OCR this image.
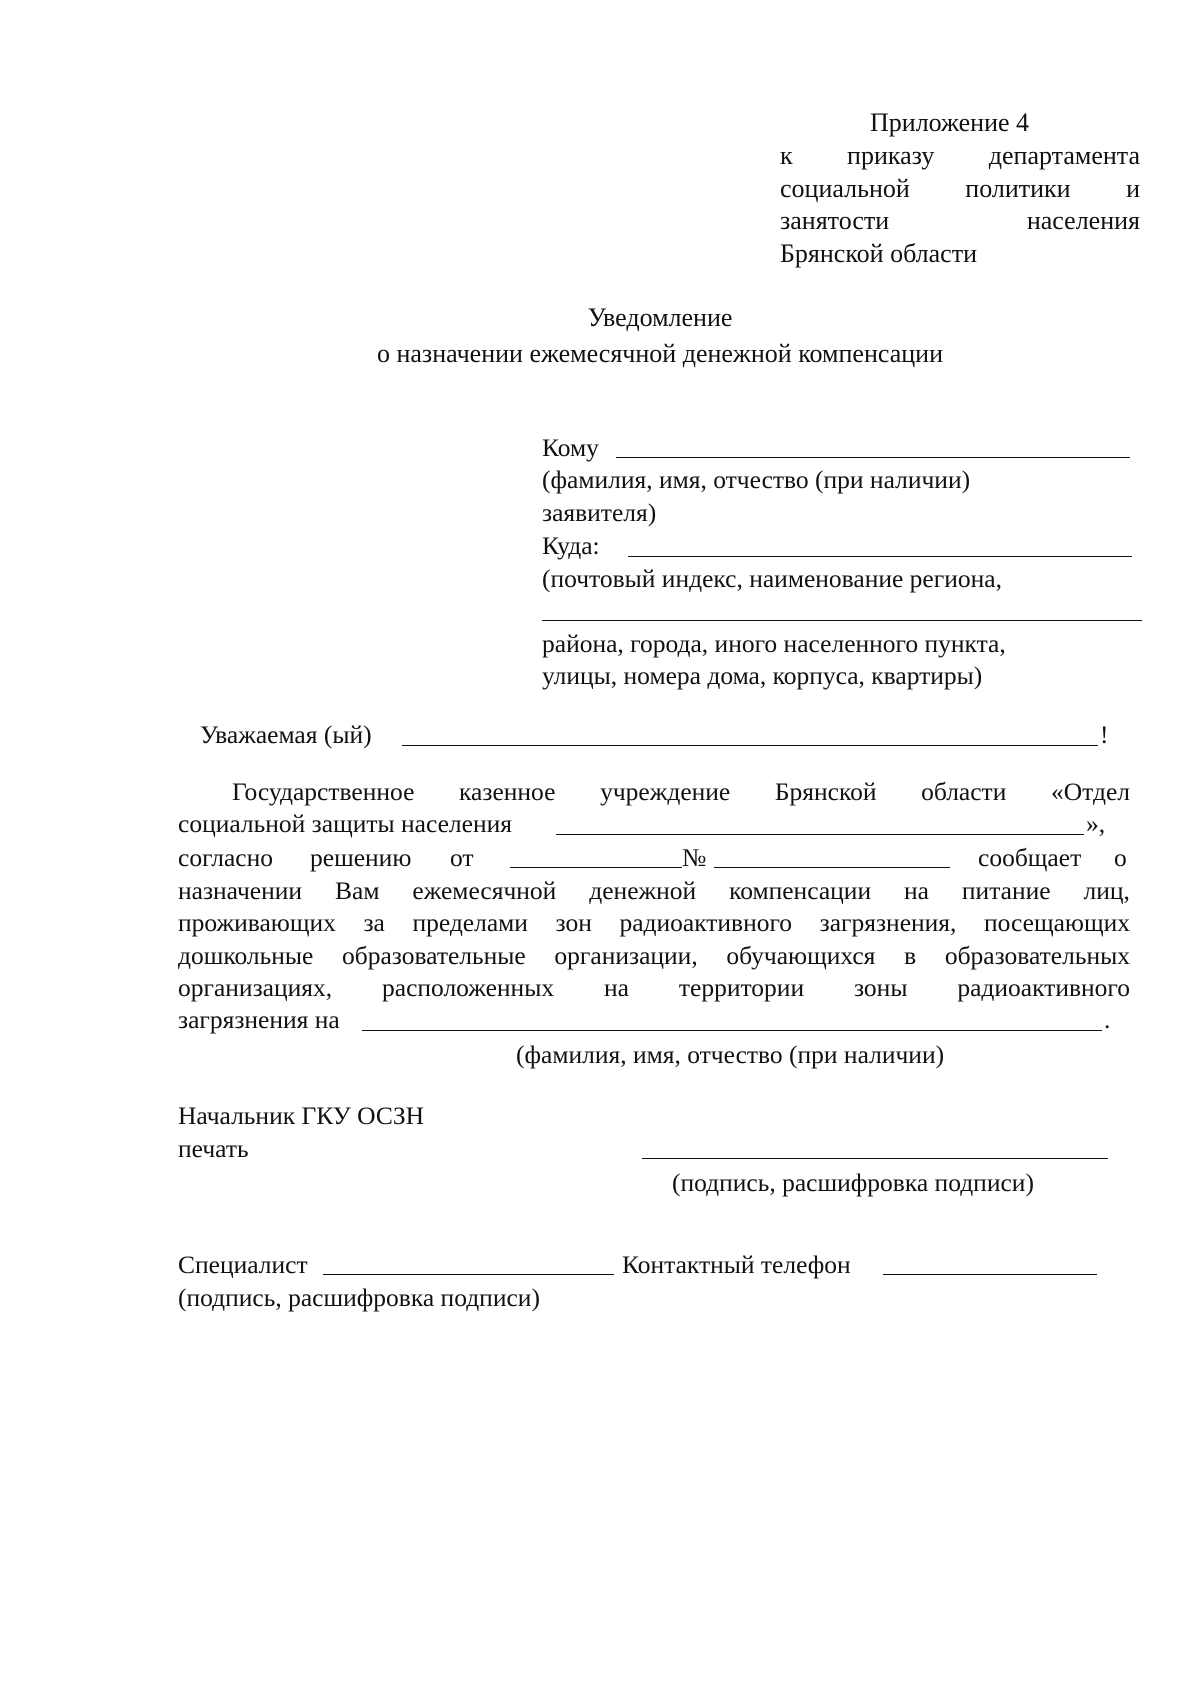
Приложение 4
к приказу департамента
социальной политики и
занятости	населения
Брянской области
Уведомление
о назначении ежемесячной денежной компенсации
Кому
(фамилия, имя, отчество (при наличии)
заявителя)
Куда:
(почтовый индекс, наименование региона,
района, города, иного населенного пункта,
улицы, номера дома, корпуса, квартиры)
Уважаемая (ый)	!
Государственное казенное учреждение Брянской области «Отдел
социальной защиты населения	»,
согласно решению от	№	сообщает о
назначении Вам ежемесячной денежной компенсации на питание лиц,
проживающих за пределами зон радиоактивного загрязнения, посещающих
дошкольные образовательные организации, обучающихся в образовательных
организациях, расположенных на территории зоны радиоактивного
загрязнения на	.
(фамилия, имя, отчество (при наличии)
Начальник ГКУ ОСЗН
печать
(подпись, расшифровка подписи)
Специалист	Контактный телефон
(подпись, расшифровка подписи)
